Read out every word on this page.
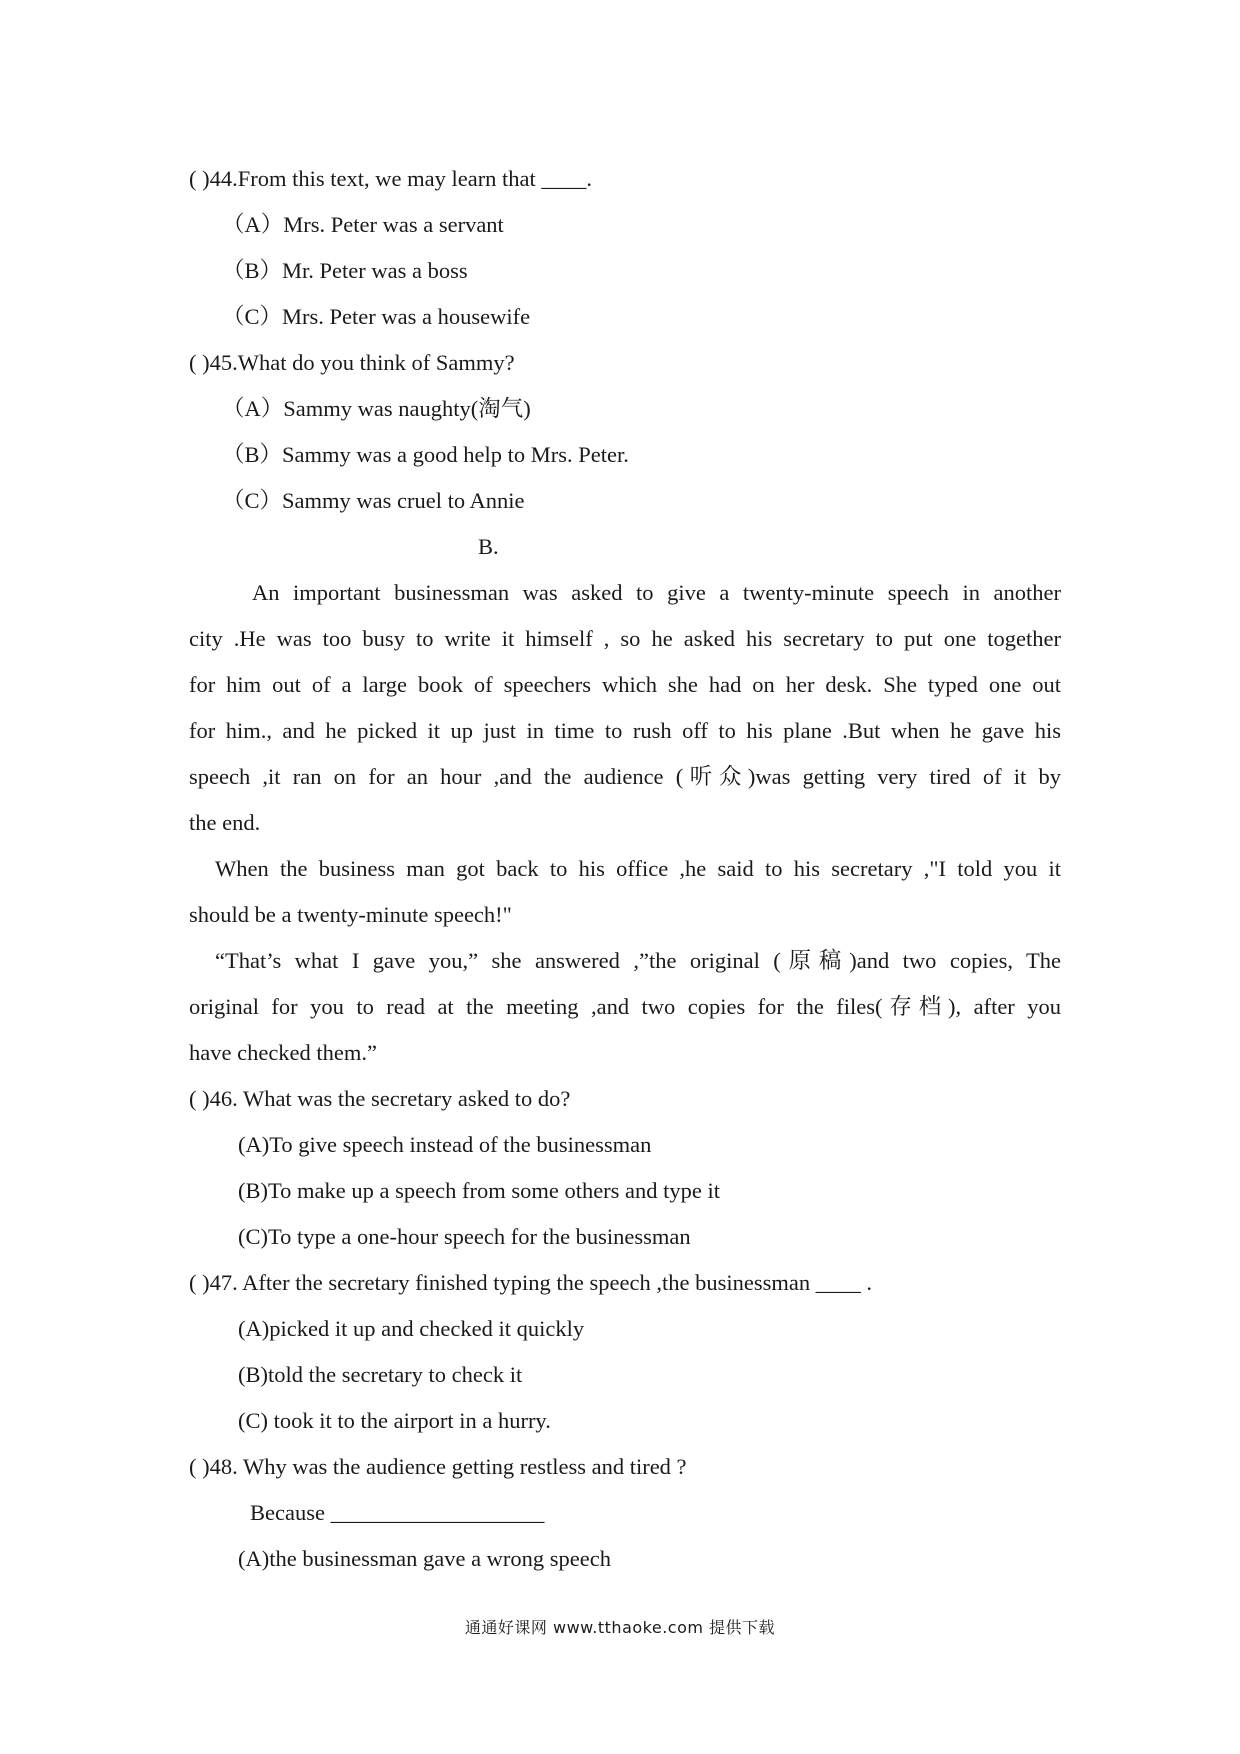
( )44.From this text, we may learn that ____.
（A）Mrs. Peter was a servant
（B）Mr. Peter was a boss
（C）Mrs. Peter was a housewife
( )45.What do you think of Sammy?
（A）Sammy was naughty(淘气)
（B）Sammy was a good help to Mrs. Peter.
（C）Sammy was cruel to Annie
B.
An important businessman was asked to give a twenty-minute speech in another
city .He was too busy to write it himself , so he asked his secretary to put one together
for him out of a large book of speechers which she had on her desk. She typed one out
for him., and he picked it up just in time to rush off to his plane .But when he gave his
speech ,it ran on for an hour ,and the audience (听众)was getting very tired of it by
the end.
When the business man got back to his office ,he said to his secretary ,"I told you it
should be a twenty-minute speech!"
“That’s what I gave you,” she answered ,”the original (原稿)and two copies, The
original for you to read at the meeting ,and two copies for the files(存档), after you
have checked them.”
( )46. What was the secretary asked to do?
(A)To give speech instead of the businessman
(B)To make up a speech from some others and type it
(C)To type a one-hour speech for the businessman
( )47. After the secretary finished typing the speech ,the businessman ____ .
(A)picked it up and checked it quickly
(B)told the secretary to check it
(C) took it to the airport in a hurry.
( )48. Why was the audience getting restless and tired ?
Because ___________________
(A)the businessman gave a wrong speech
通通好课网 www.tthaoke.com 提供下载
